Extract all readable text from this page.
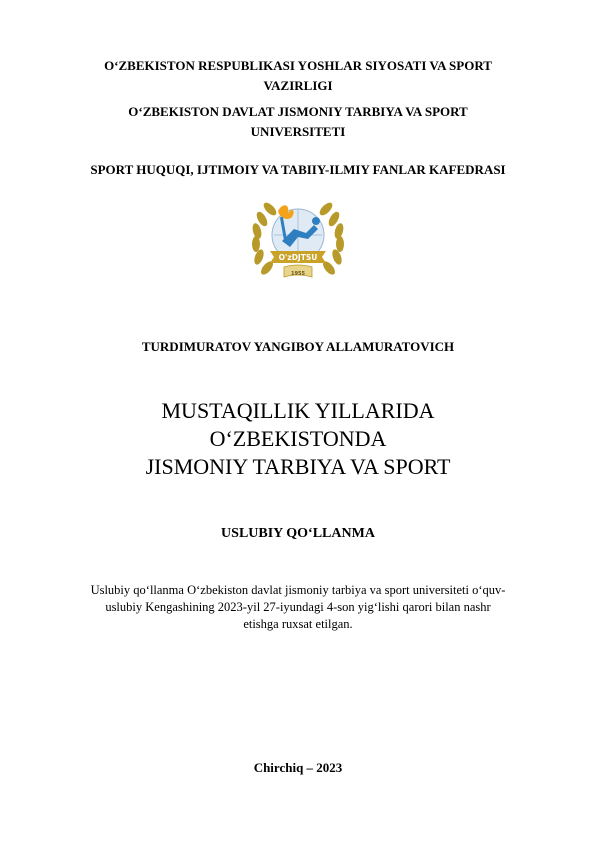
O‘ZBEKISTON RESPUBLIKASI YOSHLAR SIYOSATI VA SPORT
VAZIRLIGI
O‘ZBEKISTON DAVLAT JISMONIY TARBIYA VA SPORT
UNIVERSITETI
SPORT HUQUQI, IJTIMOIY VA TABIIY-ILMIY FANLAR KAFEDRASI
O'zDJTSU
1955
TURDIMURATOV YANGIBOY ALLAMURATOVICH
MUSTAQILLIK YILLARIDA
O‘ZBEKISTONDA
JISMONIY TARBIYA VA SPORT
USLUBIY QO‘LLANMA
Uslubiy qo‘llanma O‘zbekiston davlat jismoniy tarbiya va sport universiteti o‘quv-
uslubiy Kengashining 2023-yil 27-iyundagi 4-son yig‘lishi qarori bilan nashr
etishga ruxsat etilgan.
Chirchiq – 2023
